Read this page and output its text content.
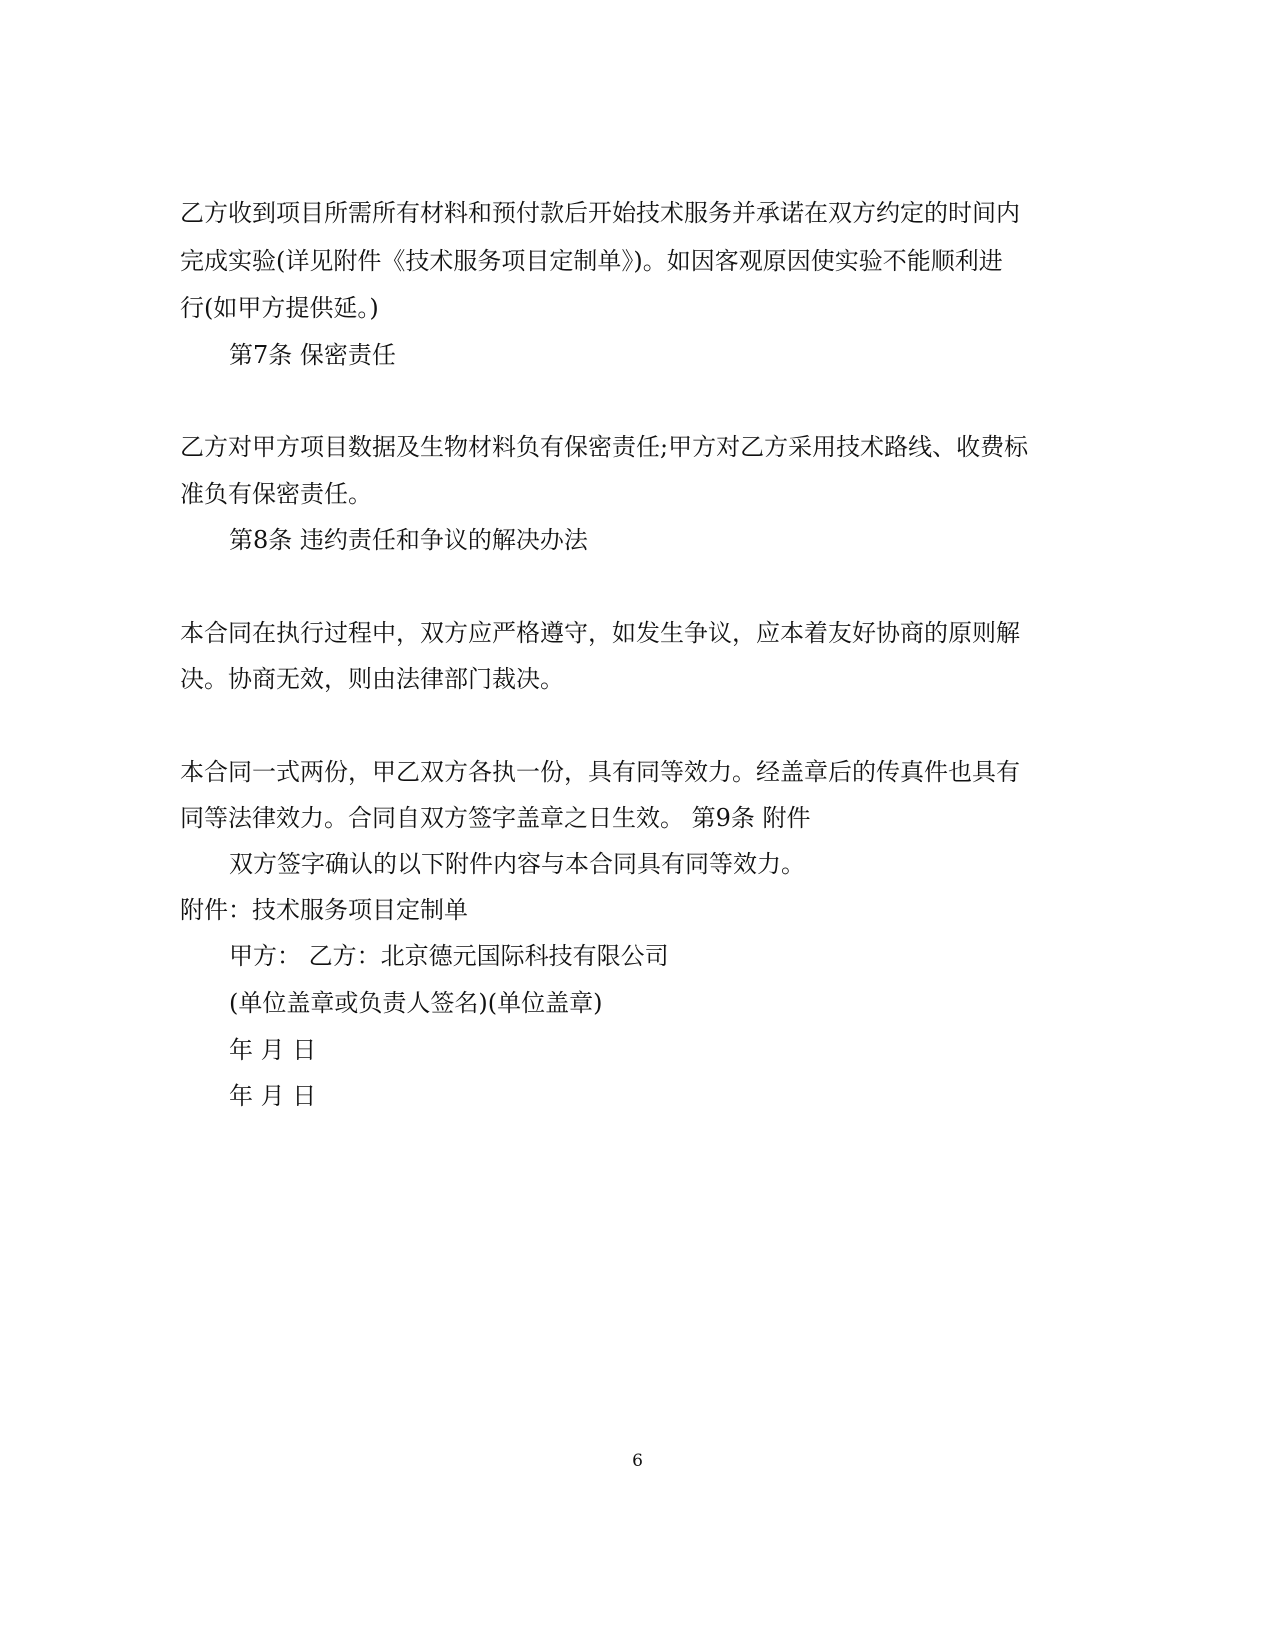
乙方收到项目所需所有材料和预付款后开始技术服务并承诺在双方约定的时间内
完成实验(详见附件《技术服务项目定制单》)。如因客观原因使实验不能顺利进
行(如甲方提供延。)
第7条 保密责任
乙方对甲方项目数据及生物材料负有保密责任;甲方对乙方采用技术路线、收费标
准负有保密责任。
第8条 违约责任和争议的解决办法
本合同在执行过程中，双方应严格遵守，如发生争议，应本着友好协商的原则解
决。协商无效，则由法律部门裁决。
本合同一式两份，甲乙双方各执一份，具有同等效力。经盖章后的传真件也具有
同等法律效力。合同自双方签字盖章之日生效。 第9条 附件
双方签字确认的以下附件内容与本合同具有同等效力。
附件：技术服务项目定制单
甲方： 乙方：北京德元国际科技有限公司
(单位盖章或负责人签名)(单位盖章)
年 月 日
年 月 日
6
